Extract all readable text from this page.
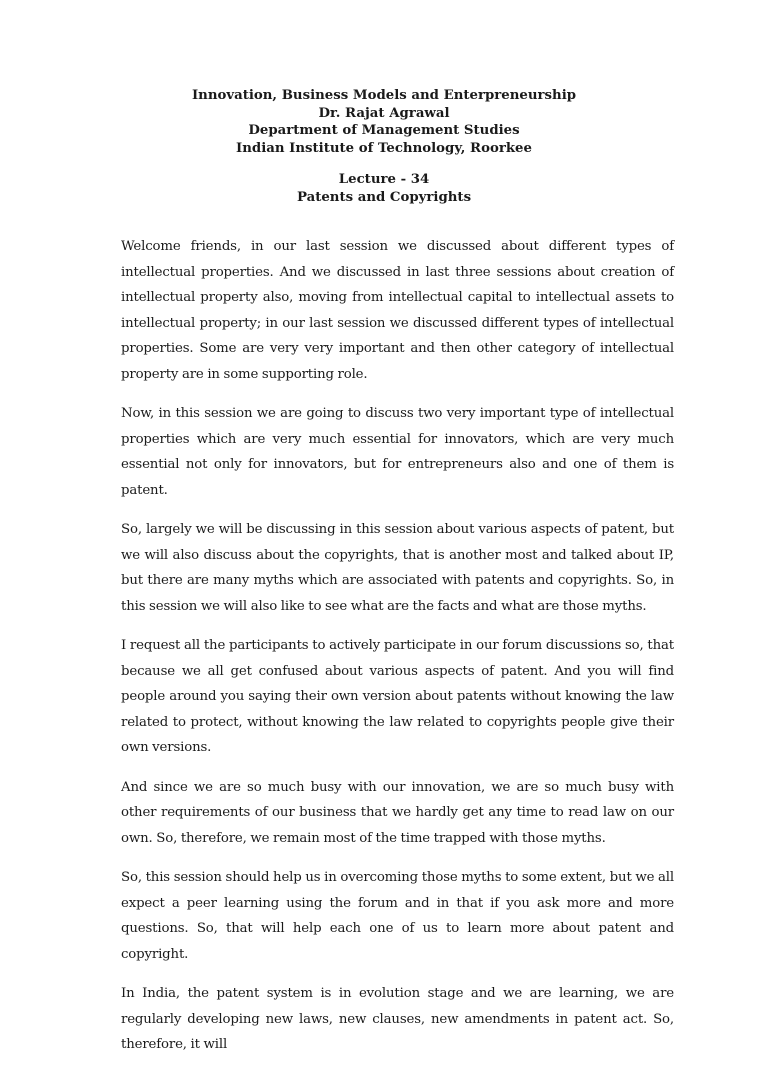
Innovation, Business Models and Enterpreneurship
Dr. Rajat Agrawal
Department of Management Studies
Indian Institute of Technology, Roorkee
Lecture - 34
Patents and Copyrights

Welcome friends, in our last session we discussed about different types of intellectual properties. And we discussed in last three sessions about creation of intellectual property also, moving from intellectual capital to intellectual assets to intellectual property; in our last session we discussed different types of intellectual properties. Some are very very important and then other category of intellectual property are in some supporting role.

Now, in this session we are going to discuss two very important type of intellectual properties which are very much essential for innovators, which are very much essential not only for innovators, but for entrepreneurs also and one of them is patent.

So, largely we will be discussing in this session about various aspects of patent, but we will also discuss about the copyrights, that is another most and talked about IP, but there are many myths which are associated with patents and copyrights. So, in this session we will also like to see what are the facts and what are those myths.

I request all the participants to actively participate in our forum discussions so, that because we all get confused about various aspects of patent. And you will find people around you saying their own version about patents without knowing the law related to protect, without knowing the law related to copyrights people give their own versions.

And since we are so much busy with our innovation, we are so much busy with other requirements of our business that we hardly get any time to read law on our own. So, therefore, we remain most of the time trapped with those myths.

So, this session should help us in overcoming those myths to some extent, but we all expect a peer learning using the forum and in that if you ask more and more questions. So, that will help each one of us to learn more about patent and copyright.

In India, the patent system is in evolution stage and we are learning, we are regularly developing new laws, new clauses, new amendments in patent act. So, therefore, it will
